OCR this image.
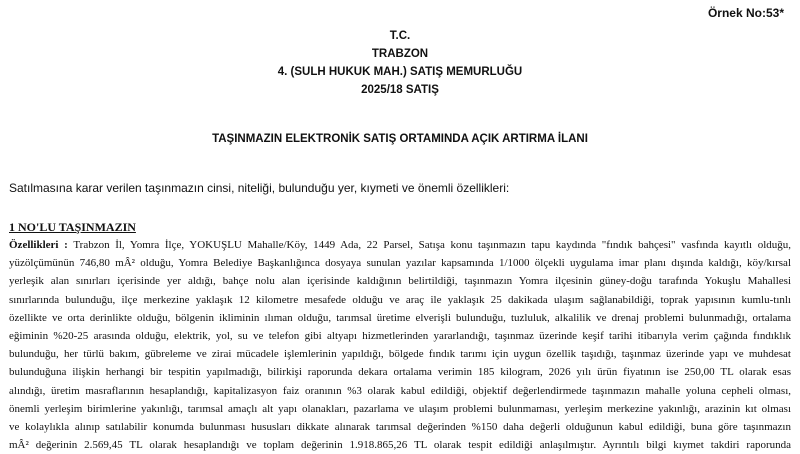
Örnek No:53*
T.C.
TRABZON
4. (SULH HUKUK MAH.) SATIŞ MEMURLUĞU
2025/18 SATIŞ
TAŞINMAZIN ELEKTRONİK SATIŞ ORTAMINDA AÇIK ARTIRMA İLANI
Satılmasına karar verilen taşınmazın cinsi, niteliği, bulunduğu yer, kıymeti ve önemli özellikleri:
1 NO'LU TAŞINMAZIN
Özellikleri : Trabzon İl, Yomra İlçe, YOKUŞLU Mahalle/Köy, 1449 Ada, 22 Parsel, Satışa konu taşınmazın tapu kaydında "fındık bahçesi" vasfında kayıtlı olduğu,
yüzölçümünün 746,80 mÂ² olduğu, Yomra Belediye Başkanlığınca dosyaya sunulan yazılar kapsamında 1/1000 ölçekli uygulama imar planı dışında kaldığı, köy/kırsal
yerleşik alan sınırları içerisinde yer aldığı, bahçe nolu alan içerisinde kaldığının belirtildiği, taşınmazın Yomra ilçesinin güney-doğu tarafında Yokuşlu Mahallesi
sınırlarında bulunduğu, ilçe merkezine yaklaşık 12 kilometre mesafede olduğu ve araç ile yaklaşık 25 dakikada ulaşım sağlanabildiği, toprak yapısının kumlu-tınlı
özellikte ve orta derinlikte olduğu, bölgenin ikliminin ılıman olduğu, tarımsal üretime elverişli bulunduğu, tuzluluk, alkalilik ve drenaj problemi bulunmadığı, ortalama
eğiminin %20-25 arasında olduğu, elektrik, yol, su ve telefon gibi altyapı hizmetlerinden yararlandığı, taşınmaz üzerinde keşif tarihi itibarıyla verim çağında fındıklık
bulunduğu, her türlü bakım, gübreleme ve zirai mücadele işlemlerinin yapıldığı, bölgede fındık tarımı için uygun özellik taşıdığı, taşınmaz üzerinde yapı ve muhdesat
bulunduğuna ilişkin herhangi bir tespitin yapılmadığı, bilirkişi raporunda dekara ortalama verimin 185 kilogram, 2026 yılı ürün fiyatının ise 250,00 TL olarak esas
alındığı, üretim masraflarının hesaplandığı, kapitalizasyon faiz oranının %3 olarak kabul edildiği, objektif değerlendirmede taşınmazın mahalle yoluna cepheli olması,
önemli yerleşim birimlerine yakınlığı, tarımsal amaçlı alt yapı olanakları, pazarlama ve ulaşım problemi bulunmaması, yerleşim merkezine yakınlığı, arazinin kıt olması
ve kolaylıkla alınıp satılabilir konumda bulunması hususları dikkate alınarak tarımsal değerinden %150 daha değerli olduğunun kabul edildiği, buna göre taşınmazın
mÂ² değerinin 2.569,45 TL olarak hesaplandığı ve toplam değerinin 1.918.865,26 TL olarak tespit edildiği anlaşılmıştır. Ayrıntılı bilgi kıymet takdiri raporunda
